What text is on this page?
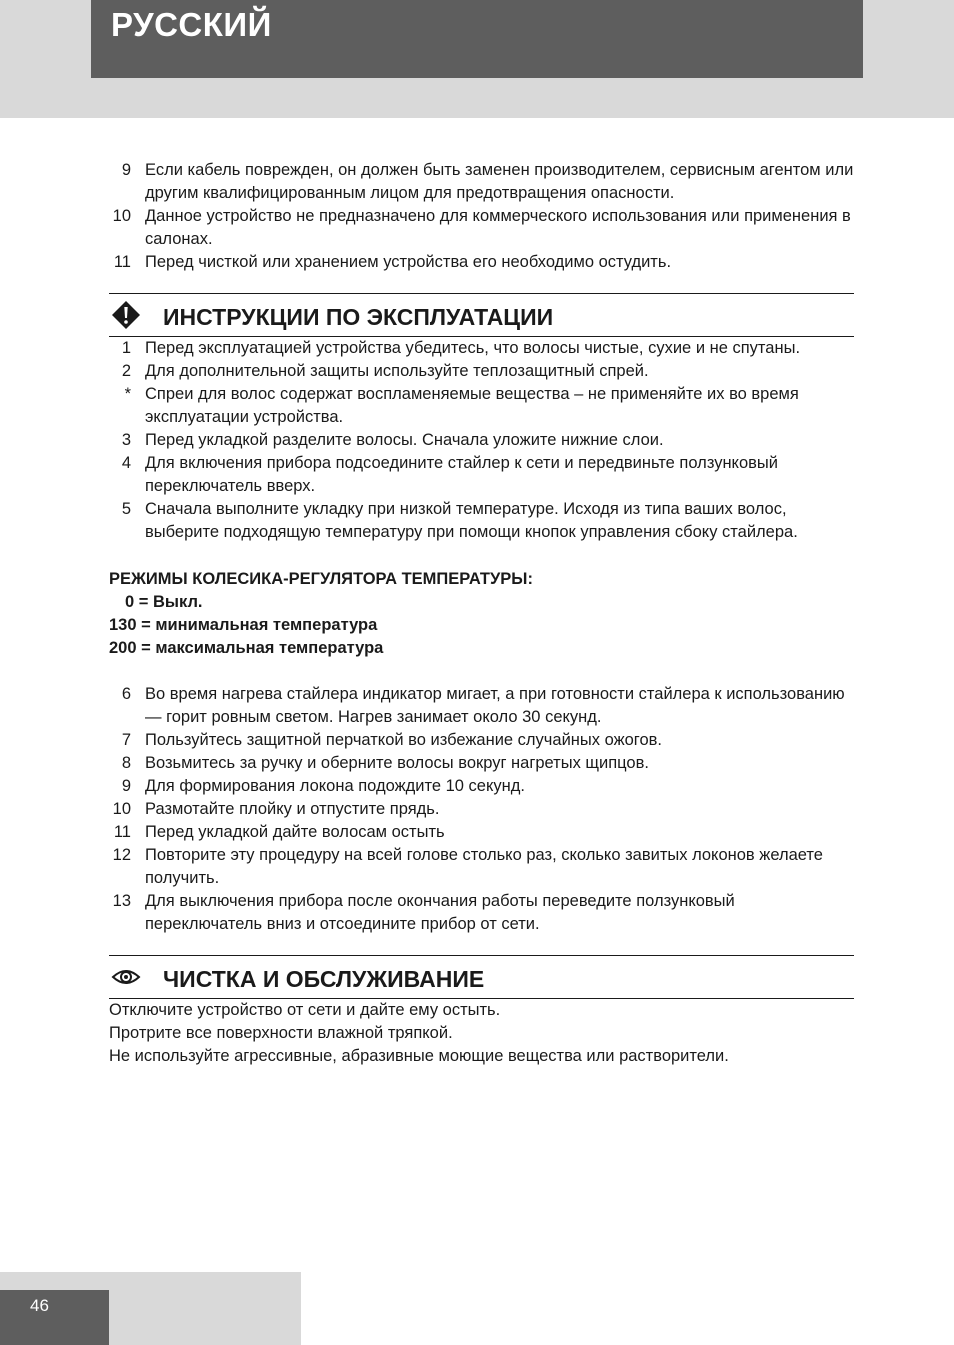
РУССКИЙ
9 Если кабель поврежден, он должен быть заменен производителем, сервисным агентом или другим квалифицированным лицом для предотвращения опасности.
10 Данное устройство не предназначено для коммерческого использования или применения в салонах.
11 Перед чисткой или хранением устройства его необходимо остудить.
ИНСТРУКЦИИ ПО ЭКСПЛУАТАЦИИ
1 Перед эксплуатацией устройства убедитесь, что волосы чистые, сухие и не спутаны.
2 Для дополнительной защиты используйте теплозащитный спрей.
* Спреи для волос содержат воспламеняемые вещества – не применяйте их во время эксплуатации устройства.
3 Перед укладкой разделите волосы. Сначала уложите нижние слои.
4 Для включения прибора подсоедините стайлер к сети и передвиньте ползунковый переключатель вверх.
5 Сначала выполните укладку при низкой температуре. Исходя из типа ваших волос, выберите подходящую температуру при помощи кнопок управления сбоку стайлера.
РЕЖИМЫ КОЛЕСИКА-РЕГУЛЯТОРА ТЕМПЕРАТУРЫ:
0 = Выкл.
130 = минимальная температура
200 = максимальная температура
6 Во время нагрева стайлера индикатор мигает, а при готовности стайлера к использованию — горит ровным светом. Нагрев занимает около 30 секунд.
7 Пользуйтесь защитной перчаткой во избежание случайных ожогов.
8 Возьмитесь за ручку и оберните волосы вокруг нагретых щипцов.
9 Для формирования локона подождите 10 секунд.
10 Размотайте плойку и отпустите прядь.
11 Перед укладкой дайте волосам остыть
12 Повторите эту процедуру на всей голове столько раз, сколько завитых локонов желаете получить.
13 Для выключения прибора после окончания работы переведите ползунковый переключатель вниз и отсоедините прибор от сети.
ЧИСТКА И ОБСЛУЖИВАНИЕ

Отключите устройство от сети и дайте ему остыть.

Протрите все поверхности влажной тряпкой.

Не используйте агрессивные, абразивные моющие вещества или растворители.

46
